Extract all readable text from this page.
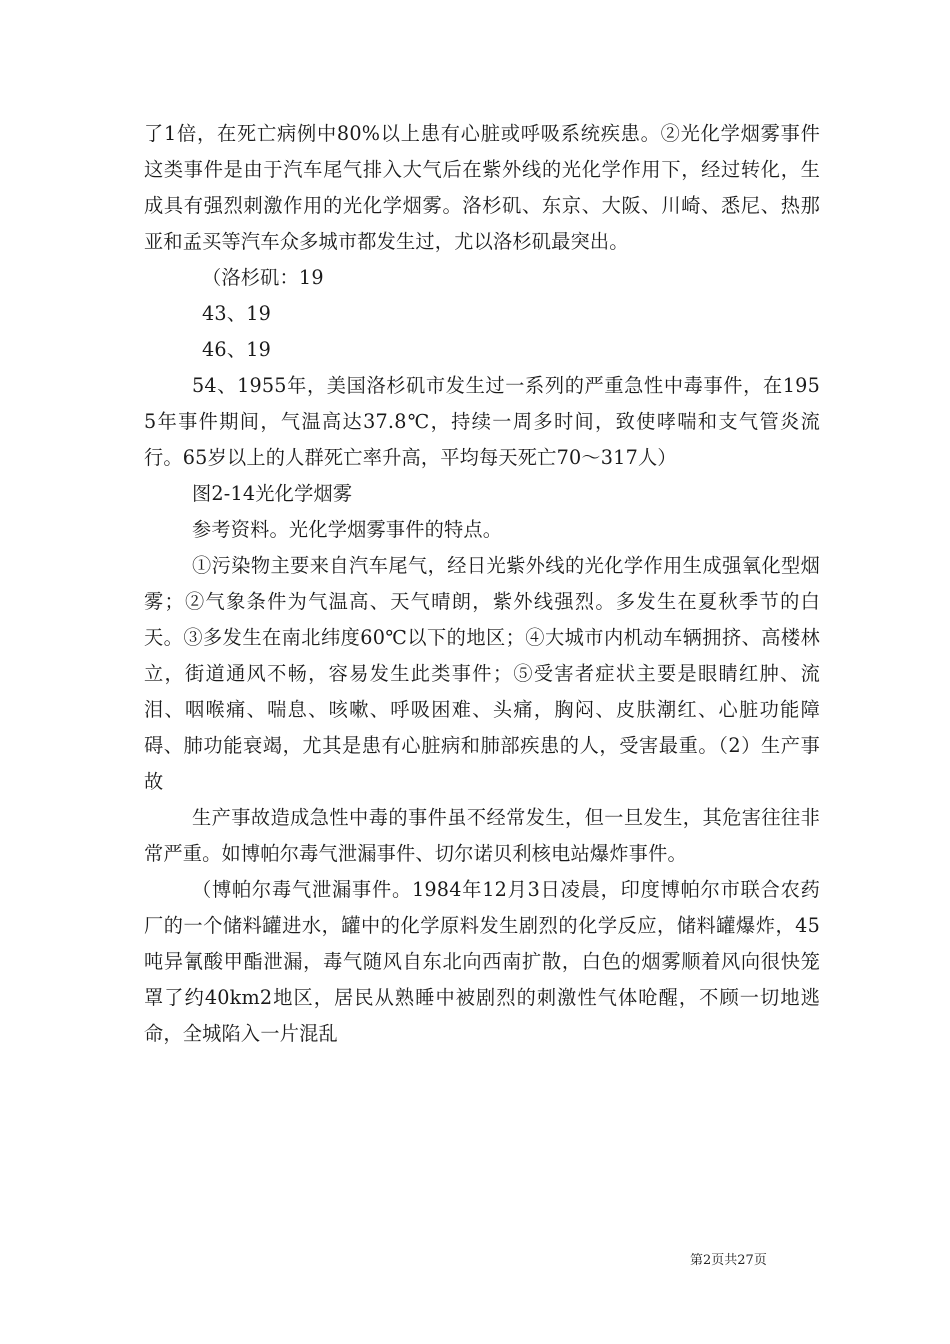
了1倍，在死亡病例中80%以上患有心脏或呼吸系统疾患。②光化学烟雾事件这类事件是由于汽车尾气排入大气后在紫外线的光化学作用下，经过转化，生成具有强烈刺激作用的光化学烟雾。洛杉矶、东京、大阪、川崎、悉尼、热那亚和孟买等汽车众多城市都发生过，尤以洛杉矶最突出。

（洛杉矶：19

43、19

46、19

54、1955年，美国洛杉矶市发生过一系列的严重急性中毒事件，在1955年事件期间，气温高达37.8℃，持续一周多时间，致使哮喘和支气管炎流行。65岁以上的人群死亡率升高，平均每天死亡70～317人）

图2-14光化学烟雾

参考资料。光化学烟雾事件的特点。

①污染物主要来自汽车尾气，经日光紫外线的光化学作用生成强氧化型烟雾；②气象条件为气温高、天气晴朗，紫外线强烈。多发生在夏秋季节的白天。③多发生在南北纬度60℃以下的地区；④大城市内机动车辆拥挤、高楼林立，街道通风不畅，容易发生此类事件；⑤受害者症状主要是眼睛红肿、流泪、咽喉痛、喘息、咳嗽、呼吸困难、头痛，胸闷、皮肤潮红、心脏功能障碍、肺功能衰竭，尤其是患有心脏病和肺部疾患的人，受害最重。（2）生产事故

生产事故造成急性中毒的事件虽不经常发生，但一旦发生，其危害往往非常严重。如博帕尔毒气泄漏事件、切尔诺贝利核电站爆炸事件。

（博帕尔毒气泄漏事件。1984年12月3日凌晨，印度博帕尔市联合农药厂的一个储料罐进水，罐中的化学原料发生剧烈的化学反应，储料罐爆炸，45吨异氰酸甲酯泄漏，毒气随风自东北向西南扩散，白色的烟雾顺着风向很快笼罩了约40km2地区，居民从熟睡中被剧烈的刺激性气体呛醒，不顾一切地逃命，全城陷入一片混乱

第2页共27页
